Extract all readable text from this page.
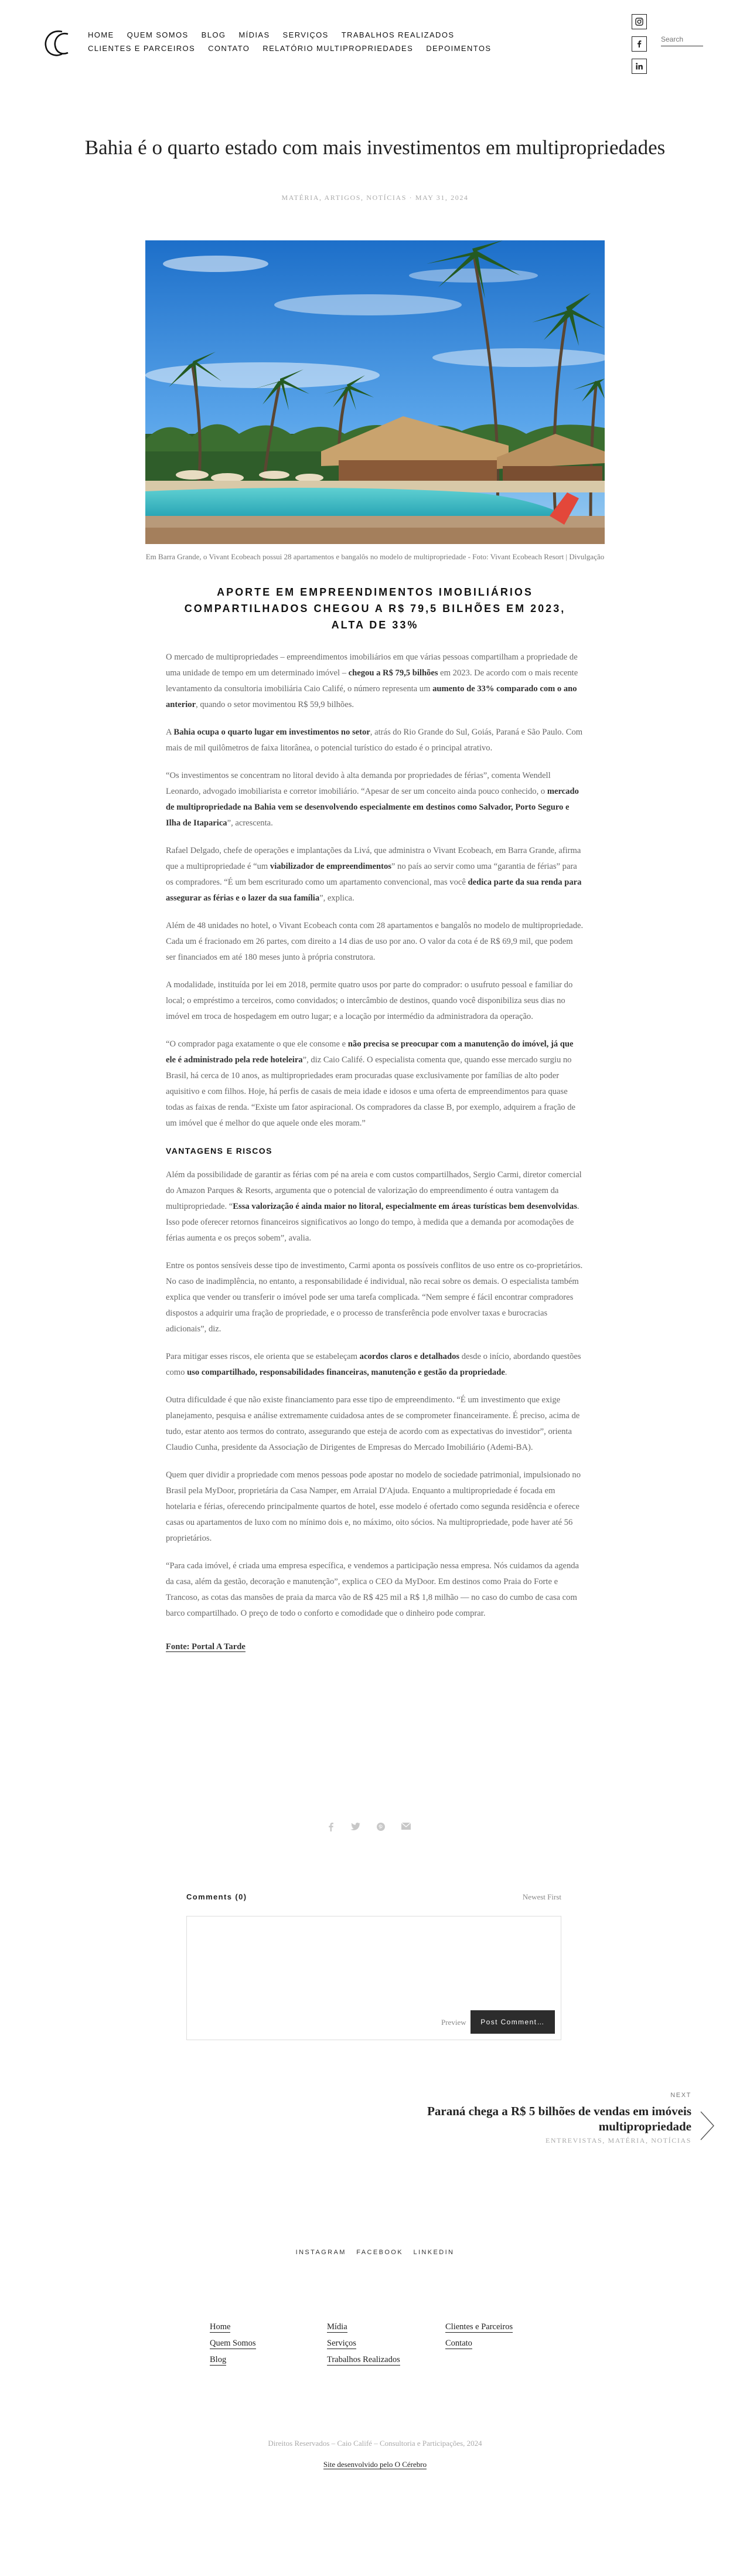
HOME QUEM SOMOS BLOG MÍDIAS SERVIÇOS TRABALHOS REALIZADOS
CLIENTES E PARCEIROS CONTATO RELATÓRIO MULTIPROPRIEDADES DEPOIMENTOS
Search
Bahia é o quarto estado com mais investimentos em multipropriedades
MATÉRIA, ARTIGOS, NOTÍCIAS · MAY 31, 2024

Em Barra Grande, o Vivant Ecobeach possui 28 apartamentos e bangalôs no modelo de multipropriedade - Foto: Vivant Ecobeach Resort | Divulgação

APORTE EM EMPREENDIMENTOS IMOBILIÁRIOS COMPARTILHADOS CHEGOU A R$ 79,5 BILHÕES EM 2023, ALTA DE 33%

O mercado de multipropriedades – empreendimentos imobiliários em que várias pessoas compartilham a propriedade de uma unidade de tempo em um determinado imóvel – chegou a R$ 79,5 bilhões em 2023. De acordo com o mais recente levantamento da consultoria imobiliária Caio Califé, o número representa um aumento de 33% comparado com o ano anterior, quando o setor movimentou R$ 59,9 bilhões.

A Bahia ocupa o quarto lugar em investimentos no setor, atrás do Rio Grande do Sul, Goiás, Paraná e São Paulo. Com mais de mil quilômetros de faixa litorânea, o potencial turístico do estado é o principal atrativo.

“Os investimentos se concentram no litoral devido à alta demanda por propriedades de férias”, comenta Wendell Leonardo, advogado imobiliarista e corretor imobiliário. “Apesar de ser um conceito ainda pouco conhecido, o mercado de multipropriedade na Bahia vem se desenvolvendo especialmente em destinos como Salvador, Porto Seguro e Ilha de Itaparica”, acrescenta.

Rafael Delgado, chefe de operações e implantações da Livá, que administra o Vivant Ecobeach, em Barra Grande, afirma que a multipropriedade é “um viabilizador de empreendimentos” no país ao servir como uma “garantia de férias” para os compradores. “É um bem escriturado como um apartamento convencional, mas você dedica parte da sua renda para assegurar as férias e o lazer da sua família”, explica.

Além de 48 unidades no hotel, o Vivant Ecobeach conta com 28 apartamentos e bangalôs no modelo de multipropriedade. Cada um é fracionado em 26 partes, com direito a 14 dias de uso por ano. O valor da cota é de R$ 69,9 mil, que podem ser financiados em até 180 meses junto à própria construtora.

A modalidade, instituída por lei em 2018, permite quatro usos por parte do comprador: o usufruto pessoal e familiar do local; o empréstimo a terceiros, como convidados; o intercâmbio de destinos, quando você disponibiliza seus dias no imóvel em troca de hospedagem em outro lugar; e a locação por intermédio da administradora da operação.

“O comprador paga exatamente o que ele consome e não precisa se preocupar com a manutenção do imóvel, já que ele é administrado pela rede hoteleira”, diz Caio Califé. O especialista comenta que, quando esse mercado surgiu no Brasil, há cerca de 10 anos, as multipropriedades eram procuradas quase exclusivamente por famílias de alto poder aquisitivo e com filhos. Hoje, há perfis de casais de meia idade e idosos e uma oferta de empreendimentos para quase todas as faixas de renda. “Existe um fator aspiracional. Os compradores da classe B, por exemplo, adquirem a fração de um imóvel que é melhor do que aquele onde eles moram.”

VANTAGENS E RISCOS

Além da possibilidade de garantir as férias com pé na areia e com custos compartilhados, Sergio Carmi, diretor comercial do Amazon Parques & Resorts, argumenta que o potencial de valorização do empreendimento é outra vantagem da multipropriedade. “Essa valorização é ainda maior no litoral, especialmente em áreas turísticas bem desenvolvidas. Isso pode oferecer retornos financeiros significativos ao longo do tempo, à medida que a demanda por acomodações de férias aumenta e os preços sobem”, avalia.

Entre os pontos sensíveis desse tipo de investimento, Carmi aponta os possíveis conflitos de uso entre os co-proprietários. No caso de inadimplência, no entanto, a responsabilidade é individual, não recai sobre os demais. O especialista também explica que vender ou transferir o imóvel pode ser uma tarefa complicada. “Nem sempre é fácil encontrar compradores dispostos a adquirir uma fração de propriedade, e o processo de transferência pode envolver taxas e burocracias adicionais”, diz.

Para mitigar esses riscos, ele orienta que se estabeleçam acordos claros e detalhados desde o início, abordando questões como uso compartilhado, responsabilidades financeiras, manutenção e gestão da propriedade.

Outra dificuldade é que não existe financiamento para esse tipo de empreendimento. “É um investimento que exige planejamento, pesquisa e análise extremamente cuidadosa antes de se comprometer financeiramente. É preciso, acima de tudo, estar atento aos termos do contrato, assegurando que esteja de acordo com as expectativas do investidor”, orienta Claudio Cunha, presidente da Associação de Dirigentes de Empresas do Mercado Imobiliário (Ademi-BA).

Quem quer dividir a propriedade com menos pessoas pode apostar no modelo de sociedade patrimonial, impulsionado no Brasil pela MyDoor, proprietária da Casa Namper, em Arraial D'Ajuda. Enquanto a multipropriedade é focada em hotelaria e férias, oferecendo principalmente quartos de hotel, esse modelo é ofertado como segunda residência e oferece casas ou apartamentos de luxo com no mínimo dois e, no máximo, oito sócios. Na multipropriedade, pode haver até 56 proprietários.

“Para cada imóvel, é criada uma empresa específica, e vendemos a participação nessa empresa. Nós cuidamos da agenda da casa, além da gestão, decoração e manutenção”, explica o CEO da MyDoor. Em destinos como Praia do Forte e Trancoso, as cotas das mansões de praia da marca vão de R$ 425 mil a R$ 1,8 milhão — no caso do cumbo de casa com barco compartilhado. O preço de todo o conforto e comodidade que o dinheiro pode comprar.

Fonte: Portal A Tarde

Comments (0)	Newest First
Preview	Post Comment…
NEXT
Paraná chega a R$ 5 bilhões de vendas em imóveis multipropriedade
ENTREVISTAS, MATÉRIA, NOTÍCIAS
INSTAGRAM FACEBOOK LINKEDIN
Home
Quem Somos
Blog
Mídia
Serviços
Trabalhos Realizados
Clientes e Parceiros
Contato
Direitos Reservados – Caio Califé – Consultoria e Participações, 2024
Site desenvolvido pelo O Cérebro
